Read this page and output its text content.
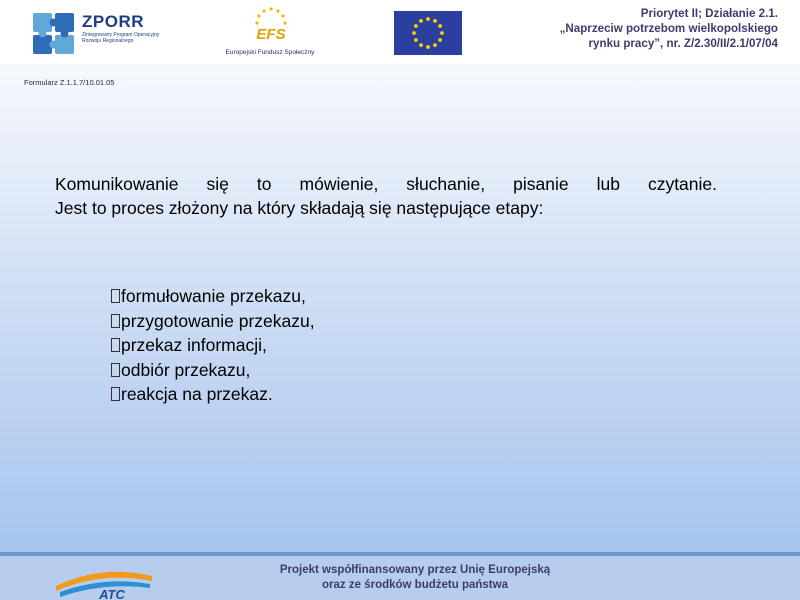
ZPORR
Zintegrowany Program Operacyjny Rozwoju Regionalnego	EFS
Europejski Fundusz Społeczny
Priorytet II; Działanie 2.1.
„Naprzeciw potrzebom wielkopolskiego
rynku pracy”, nr. Z/2.30/II/2.1/07/04
Formularz Z.1.1.7/10.01.05
Komunikowanie się to mówienie, słuchanie, pisanie lub czytanie.
Jest to proces złożony na który składają się następujące etapy:
formułowanie przekazu,
przygotowanie przekazu,
przekaz informacji,
odbiór przekazu,
reakcja na przekaz.
ATC
Projekt współfinansowany przez Unię Europejską
oraz ze środków budżetu państwa
